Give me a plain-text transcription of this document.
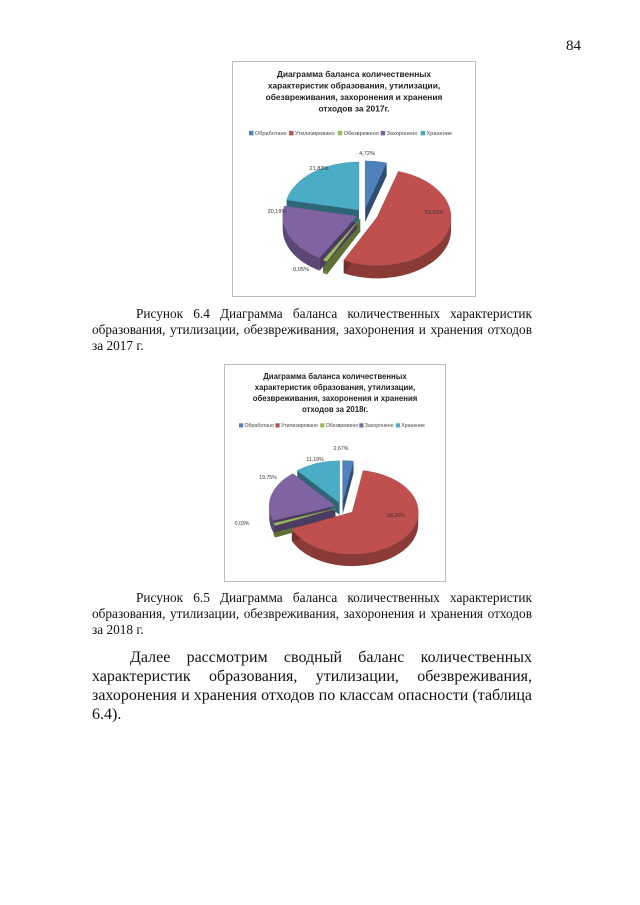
84
Диаграмма баланса количественных
характеристик образования, утилизации,
обезвреживания, захоронения и хранения
отходов за 2017г.
Обработано Утилизировано Обезврежено Захоронено Хранение
4,72%
53,20%
0,05%
20,19%
21,83%
Рисунок 6.4 Диаграмма баланса количественных характеристик образования, утилизации, обезвреживания, захоронения и хранения отходов за 2017 г.
Диаграмма баланса количественных
характеристик образования, утилизации,
обезвреживания, захоронения и хранения
отходов за 2018г.
Обработано Утилизировано Обезврежено Захоронено Хранение
2,67%
66,36%
0,03%
19,75%
11,19%
Рисунок 6.5 Диаграмма баланса количественных характеристик образования, утилизации, обезвреживания, захоронения и хранения отходов за 2018 г.
Далее рассмотрим сводный баланс количественных характеристик образования, утилизации, обезвреживания, захоронения и хранения отходов по классам опасности (таблица 6.4).
